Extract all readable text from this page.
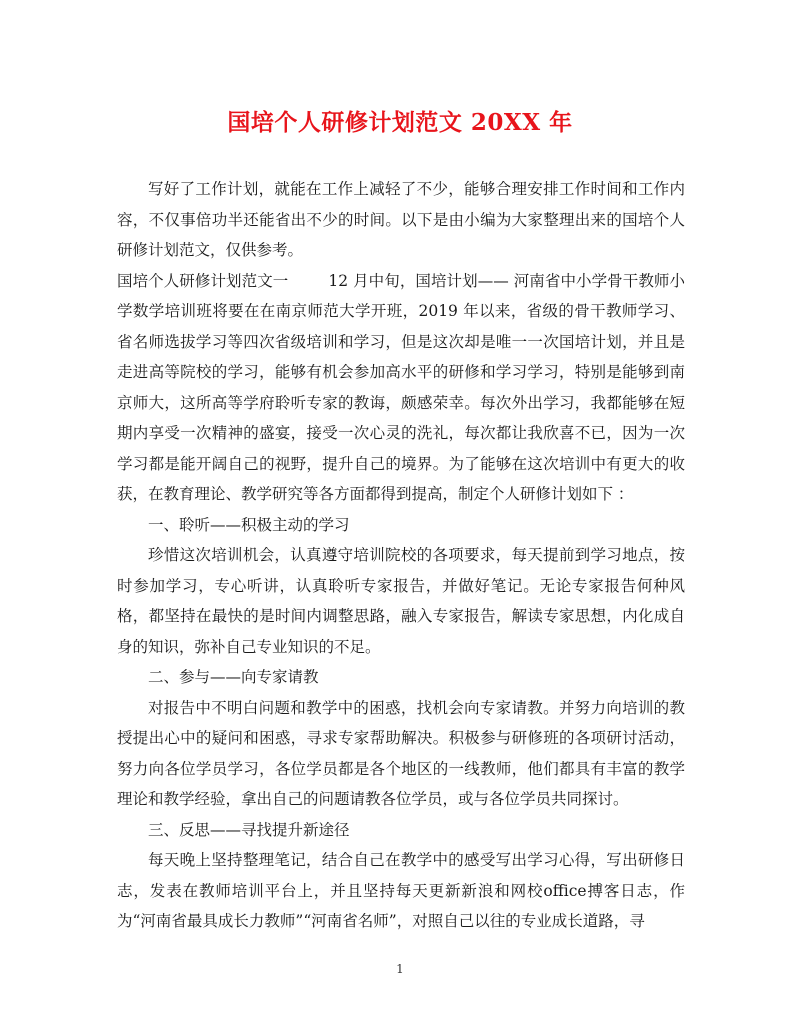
国培个人研修计划范文 20XX 年

写好了工作计划，就能在工作上减轻了不少，能够合理安排工作时间和工作内容，不仅事倍功半还能省出不少的时间。以下是由小编为大家整理出来的国培个人研修计划范文，仅供参考。

国培个人研修计划范文一	12 月中旬，国培计划—— 河南省中小学骨干教师小学数学培训班将要在在南京师范大学开班，2019 年以来，省级的骨干教师学习、省名师选拔学习等四次省级培训和学习，但是这次却是唯一一次国培计划，并且是走进高等院校的学习，能够有机会参加高水平的研修和学习学习，特别是能够到南京师大，这所高等学府聆听专家的教诲，颇感荣幸。每次外出学习，我都能够在短期内享受一次精神的盛宴，接受一次心灵的洗礼，每次都让我欣喜不已，因为一次学习都是能开阔自己的视野，提升自己的境界。为了能够在这次培训中有更大的收获，在教育理论、教学研究等各方面都得到提高，制定个人研修计划如下 ：

一、聆听——积极主动的学习

珍惜这次培训机会，认真遵守培训院校的各项要求，每天提前到学习地点，按时参加学习，专心听讲，认真聆听专家报告，并做好笔记。无论专家报告何种风格，都坚持在最快的是时间内调整思路，融入专家报告，解读专家思想，内化成自身的知识，弥补自己专业知识的不足。

二、参与——向专家请教

对报告中不明白问题和教学中的困惑，找机会向专家请教。并努力向培训的教授提出心中的疑问和困惑，寻求专家帮助解决。积极参与研修班的各项研讨活动，努力向各位学员学习，各位学员都是各个地区的一线教师，他们都具有丰富的教学理论和教学经验，拿出自己的问题请教各位学员，或与各位学员共同探讨。

三、反思——寻找提升新途径

每天晚上坚持整理笔记，结合自己在教学中的感受写出学习心得，写出研修日志，发表在教师培训平台上，并且坚持每天更新新浪和网校office搏客日志，作为“河南省最具成长力教师”“河南省名师”，对照自己以往的专业成长道路，寻

1
